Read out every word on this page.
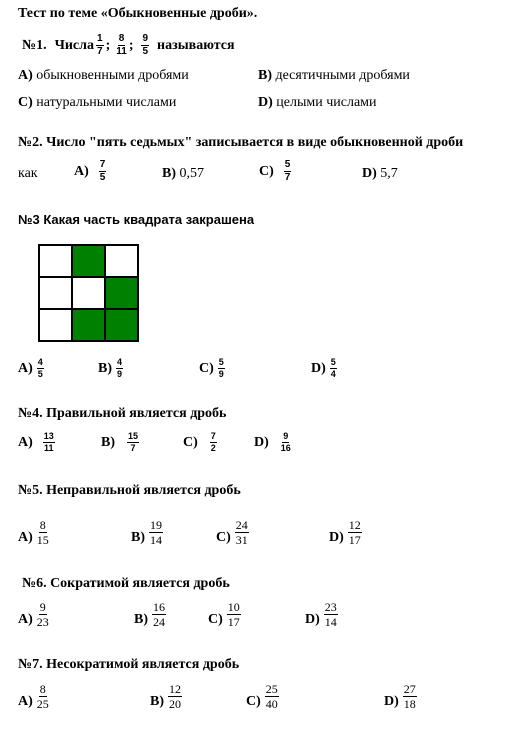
Тест по теме «Обыкновенные дроби».
№1. Числа $\frac{1}{7}$ ; $\frac{8}{11}$ ; $\frac{9}{5}$ называются
А) обыкновенными дробями	В) десятичными дробями
С) натуральными числами	D) целыми числами
№2. Число "пять седьмых" записывается в виде обыкновенной дроби
как	$А) \frac{7}{5}$	В) 0,57	$С) \frac{5}{7}$	D) 5,7
№3 Какая часть квадрата закрашена
$А) \frac{4}{5}$	$В) \frac{4}{9}$	$С) \frac{5}{9}$	$D) \frac{5}{4}$
№4. Правильной является дробь
$А) \frac{13}{11}$	$В) \frac{15}{7}$	$С) \frac{7}{2}$	$D) \frac{9}{16}$
№5. Неправильной является дробь
$А) \frac{8}{15}$	$В) \frac{19}{14}$	$С) \frac{24}{31}$	$D) \frac{12}{17}$
№6. Сократимой является дробь
$А) \frac{9}{23}$	$В) \frac{16}{24}$	$С) \frac{10}{17}$	$D) \frac{23}{14}$
№7. Несократимой является дробь
$А) \frac{8}{25}$	$В) \frac{12}{20}$	$С) \frac{25}{40}$	$D) \frac{27}{18}$
